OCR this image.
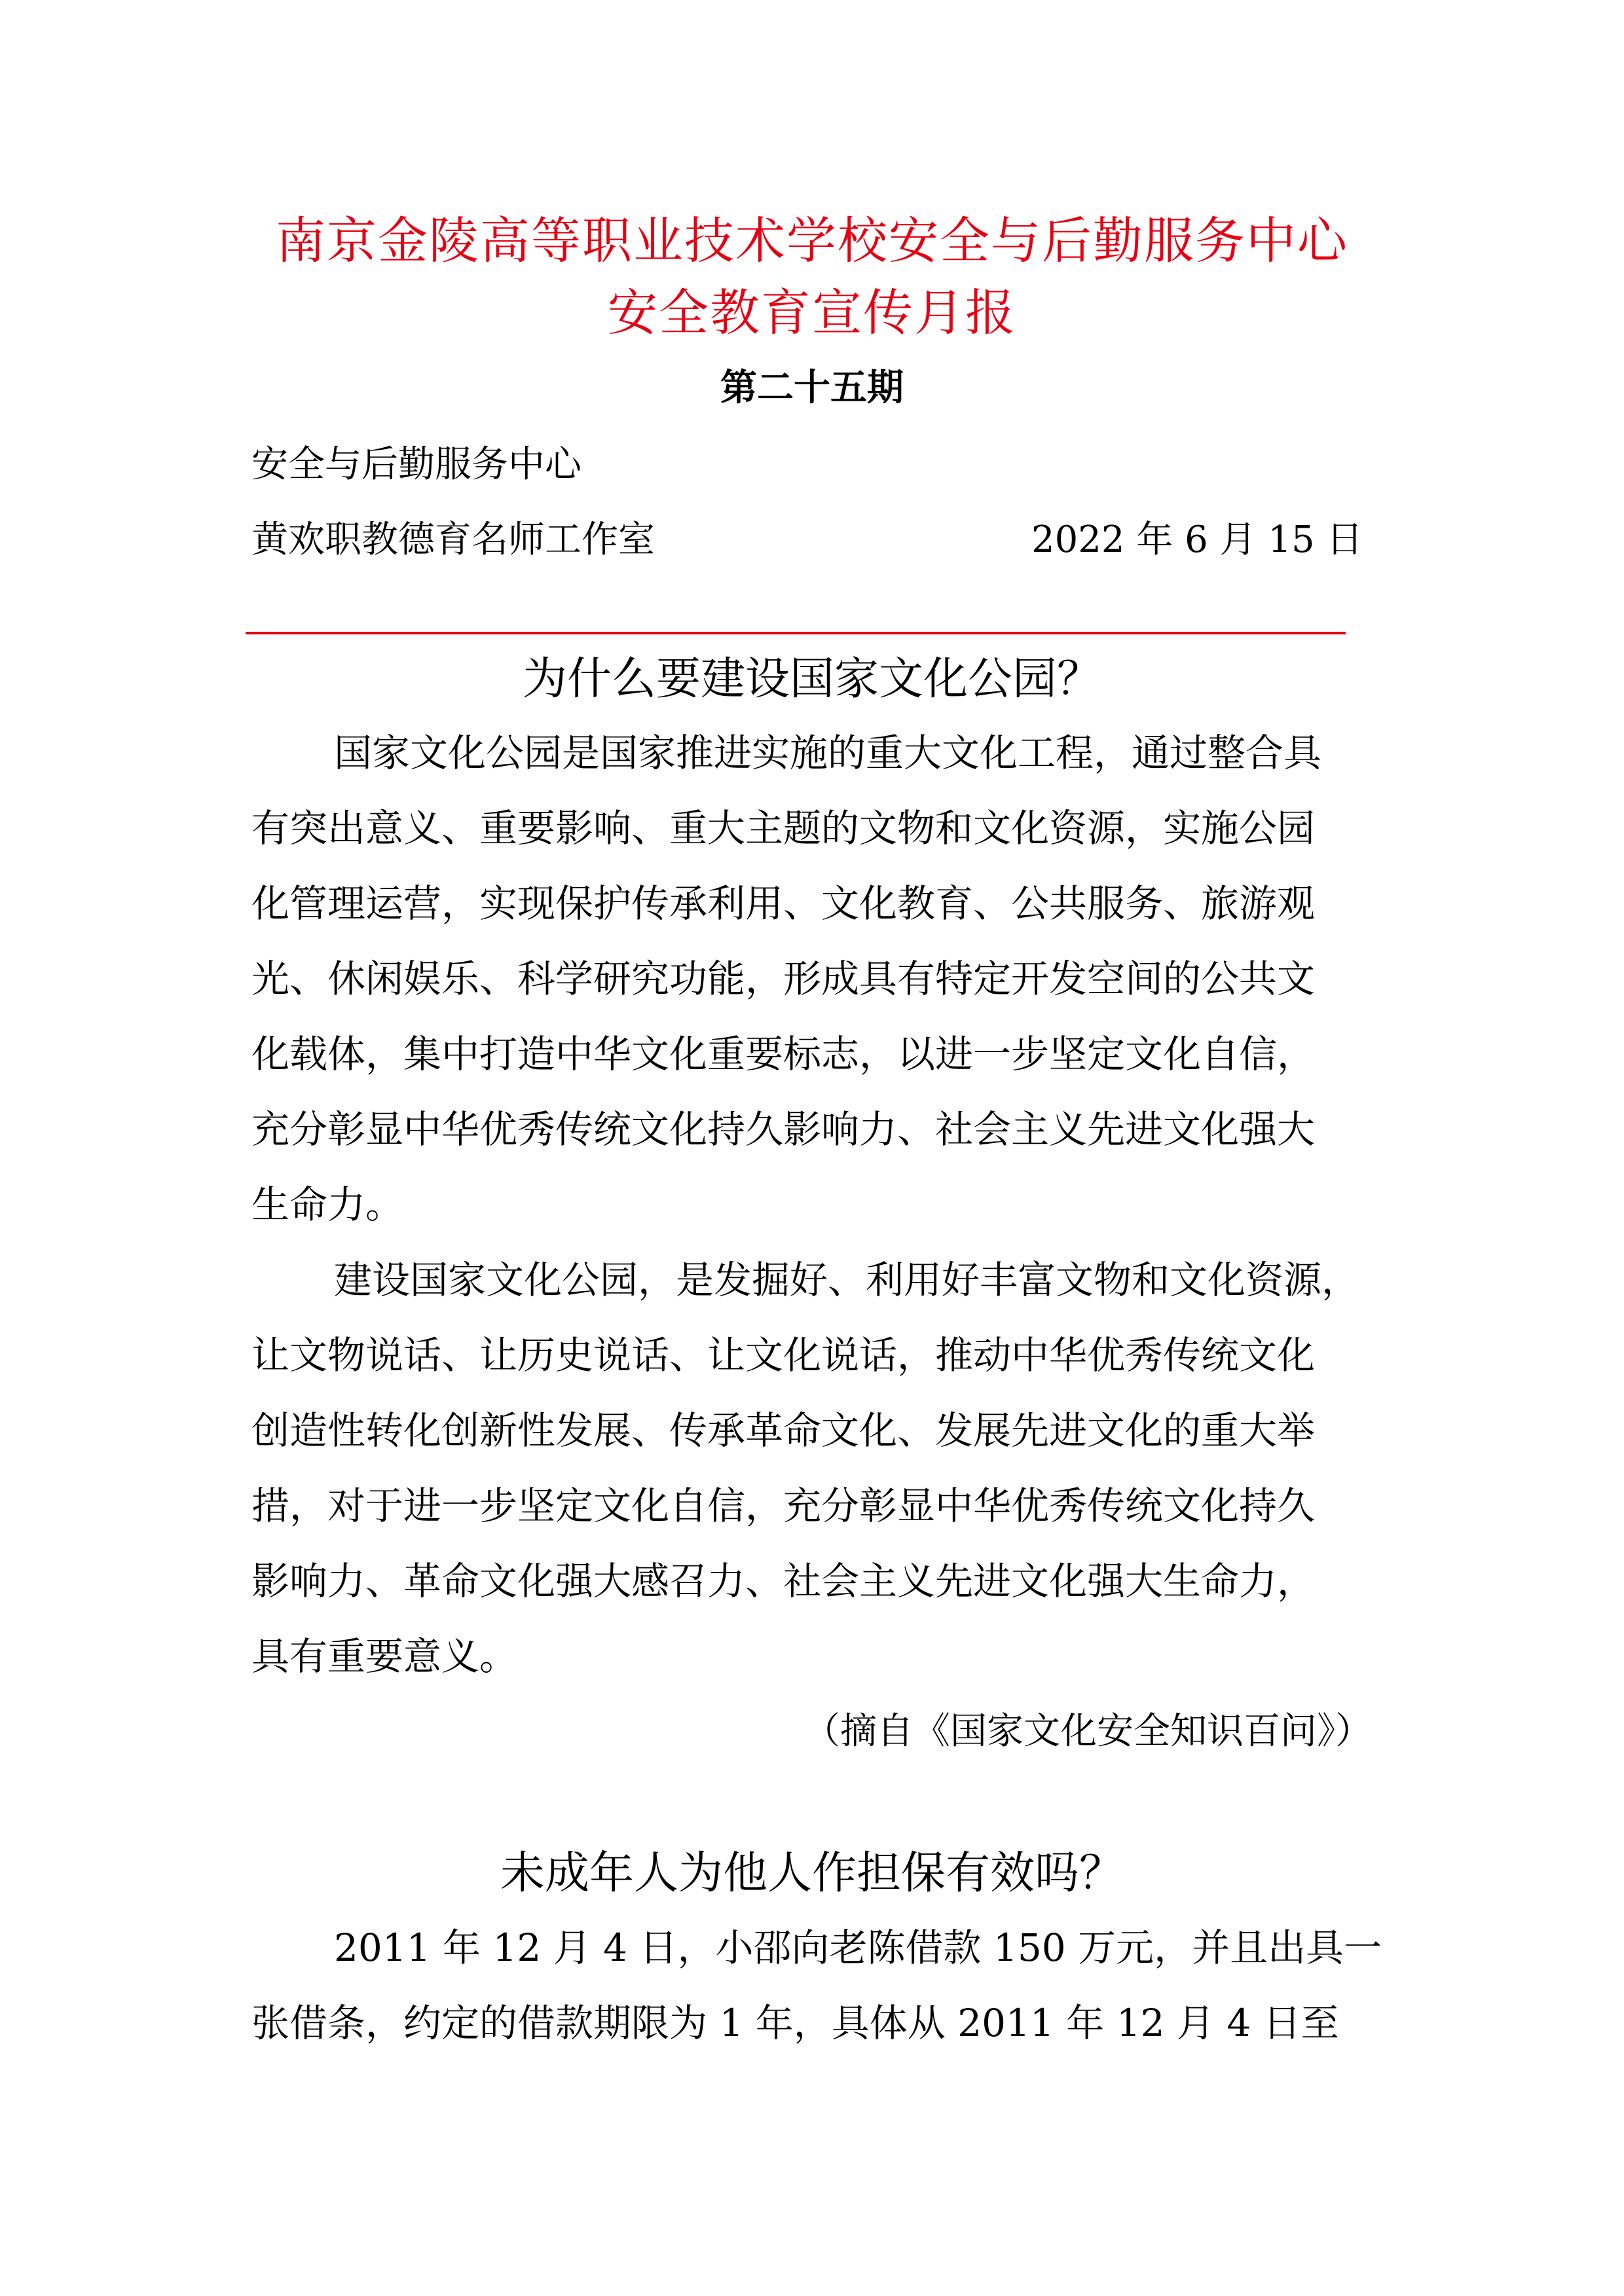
南京金陵高等职业技术学校安全与后勤服务中心
安全教育宣传月报
第二十五期
安全与后勤服务中心
黄欢职教德育名师工作室	2022 年 6 月 15 日
为什么要建设国家文化公园？
国家文化公园是国家推进实施的重大文化工程，通过整合具
有突出意义、重要影响、重大主题的文物和文化资源，实施公园
化管理运营，实现保护传承利用、文化教育、公共服务、旅游观
光、休闲娱乐、科学研究功能，形成具有特定开发空间的公共文
化载体，集中打造中华文化重要标志，以进一步坚定文化自信，
充分彰显中华优秀传统文化持久影响力、社会主义先进文化强大
生命力。
建设国家文化公园，是发掘好、利用好丰富文物和文化资源，
让文物说话、让历史说话、让文化说话，推动中华优秀传统文化
创造性转化创新性发展、传承革命文化、发展先进文化的重大举
措，对于进一步坚定文化自信，充分彰显中华优秀传统文化持久
影响力、革命文化强大感召力、社会主义先进文化强大生命力，
具有重要意义。
（摘自《国家文化安全知识百问》）
未成年人为他人作担保有效吗？
2011 年 12 月 4 日，小邵向老陈借款 150 万元，并且出具一
张借条，约定的借款期限为 1 年，具体从 2011 年 12 月 4 日至
